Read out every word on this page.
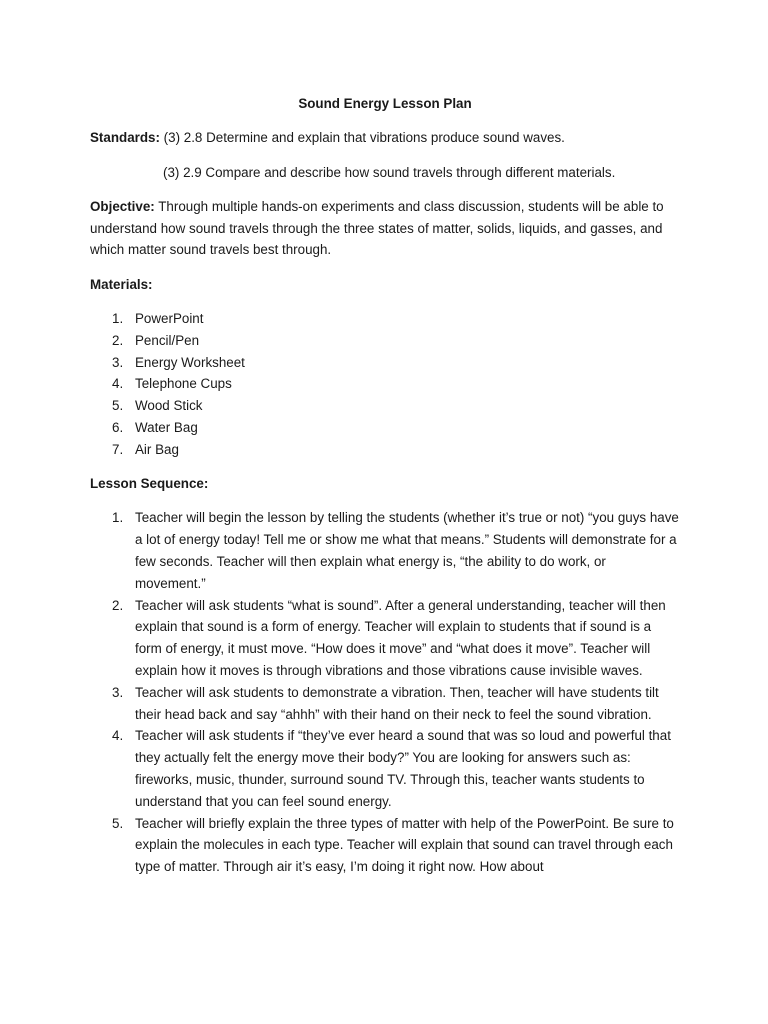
Sound Energy Lesson Plan
Standards: (3) 2.8 Determine and explain that vibrations produce sound waves.
(3) 2.9 Compare and describe how sound travels through different materials.
Objective: Through multiple hands-on experiments and class discussion, students will be able to understand how sound travels through the three states of matter, solids, liquids, and gasses, and which matter sound travels best through.
Materials:
1. PowerPoint
2. Pencil/Pen
3. Energy Worksheet
4. Telephone Cups
5. Wood Stick
6. Water Bag
7. Air Bag
Lesson Sequence:
1. Teacher will begin the lesson by telling the students (whether it’s true or not) “you guys have a lot of energy today! Tell me or show me what that means.” Students will demonstrate for a few seconds. Teacher will then explain what energy is, “the ability to do work, or movement.”
2. Teacher will ask students “what is sound”. After a general understanding, teacher will then explain that sound is a form of energy. Teacher will explain to students that if sound is a form of energy, it must move. “How does it move” and “what does it move”. Teacher will explain how it moves is through vibrations and those vibrations cause invisible waves.
3. Teacher will ask students to demonstrate a vibration. Then, teacher will have students tilt their head back and say “ahhh” with their hand on their neck to feel the sound vibration.
4. Teacher will ask students if “they’ve ever heard a sound that was so loud and powerful that they actually felt the energy move their body?” You are looking for answers such as: fireworks, music, thunder, surround sound TV. Through this, teacher wants students to understand that you can feel sound energy.
5. Teacher will briefly explain the three types of matter with help of the PowerPoint. Be sure to explain the molecules in each type. Teacher will explain that sound can travel through each type of matter. Through air it’s easy, I’m doing it right now. How about
